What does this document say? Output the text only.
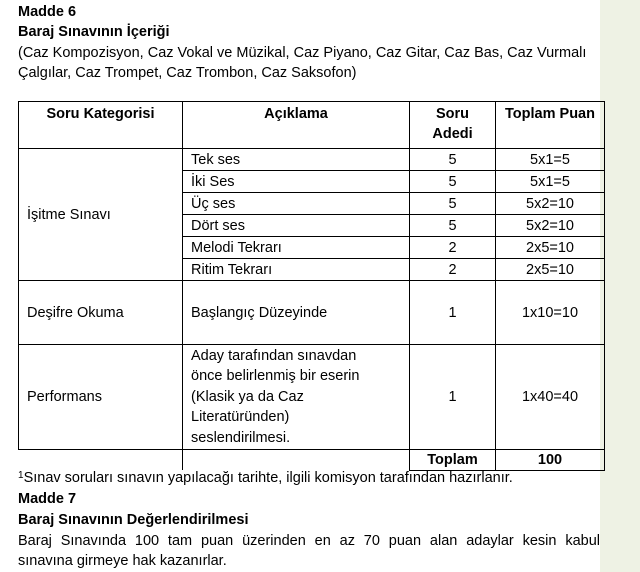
Madde 6
Baraj Sınavının İçeriği
(Caz Kompozisyon, Caz Vokal ve Müzikal, Caz Piyano, Caz Gitar, Caz Bas, Caz Vurmalı
Çalgılar, Caz Trompet, Caz Trombon, Caz Saksofon)
Soru Kategorisi	Açıklama	Soru
Adedi	Toplam Puan
İşitme Sınavı	Tek ses	5	5x1=5
	İki Ses	5	5x1=5
	Üç ses	5	5x2=10
	Dört ses	5	5x2=10
	Melodi Tekrarı	2	2x5=10
	Ritim Tekrarı	2	2x5=10
Deşifre Okuma	Başlangıç Düzeyinde	1	1x10=10
Performans	Aday tarafından sınavdan
önce belirlenmiş bir eserin
(Klasik ya da Caz
Literatüründen)
seslendirilmesi.	1	1x40=40
		Toplam	100
$^1$Sınav soruları sınavın yapılacağı tarihte, ilgili komisyon tarafından hazırlanır.
Madde 7
Baraj Sınavının Değerlendirilmesi
Baraj Sınavında 100 tam puan üzerinden en az 70 puan alan adaylar kesin kabul
sınavına girmeye hak kazanırlar.
